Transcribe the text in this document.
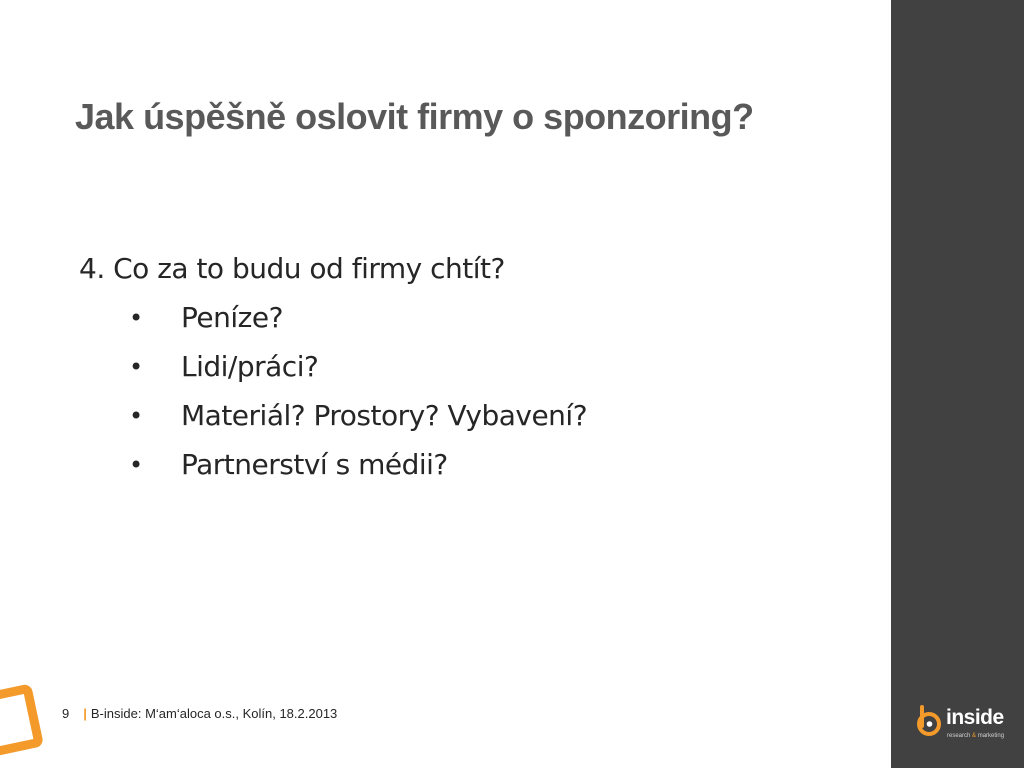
Jak úspěšně oslovit firmy o sponzoring?
4. Co za to budu od firmy chtít?
• Peníze?
• Lidi/práci?
• Materiál? Prostory? Vybavení?
• Partnerství s médii?
9 | B-inside: M‘am‘aloca o.s., Kolín, 18.2.2013	inside
research & marketing
